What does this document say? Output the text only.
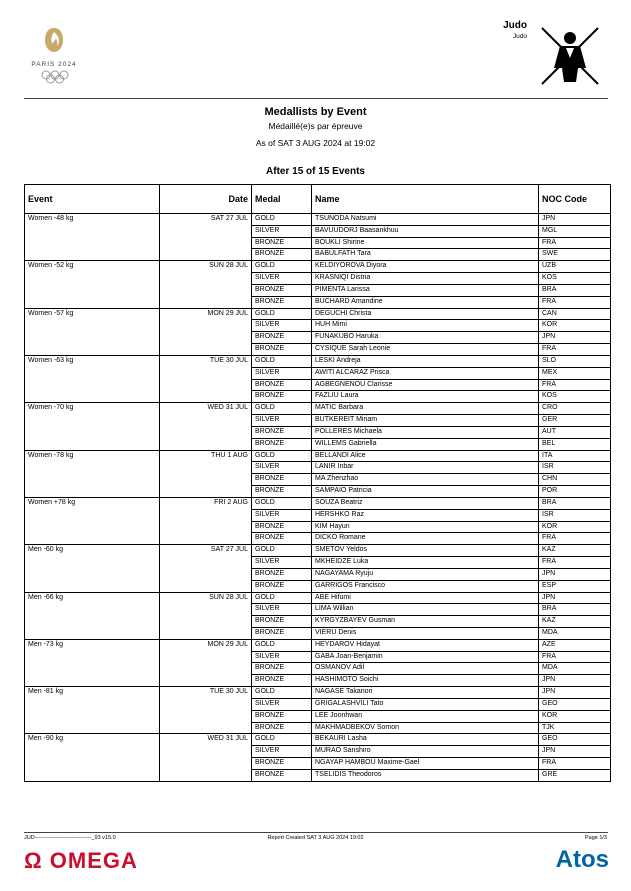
PARIS 2024
Judo
Judo
Medallists by Event
Médaillé(e)s par épreuve
As of SAT 3 AUG 2024 at 19:02
After 15 of 15 Events
Event	Date	Medal	Name	NOC Code
Women -48 kg	SAT 27 JUL	GOLD	TSUNODA Natsumi	JPN
		SILVER	BAVUUDORJ Baasankhuu	MGL
		BRONZE	BOUKLI Shirine	FRA
		BRONZE	BABULFATH Tara	SWE
Women -52 kg	SUN 28 JUL	GOLD	KELDIYOROVA Diyora	UZB
		SILVER	KRASNIQI Distria	KOS
		BRONZE	PIMENTA Larissa	BRA
		BRONZE	BUCHARD Amandine	FRA
Women -57 kg	MON 29 JUL	GOLD	DEGUCHI Christa	CAN
		SILVER	HUH Mimi	KOR
		BRONZE	FUNAKUBO Haruka	JPN
		BRONZE	CYSIQUE Sarah Leonie	FRA
Women -63 kg	TUE 30 JUL	GOLD	LESKI Andreja	SLO
		SILVER	AWITI ALCARAZ Prisca	MEX
		BRONZE	AGBEGNENOU Clarisse	FRA
		BRONZE	FAZLIU Laura	KOS
Women -70 kg	WED 31 JUL	GOLD	MATIC Barbara	CRO
		SILVER	BUTKEREIT Miriam	GER
		BRONZE	POLLERES Michaela	AUT
		BRONZE	WILLEMS Gabriella	BEL
Women -78 kg	THU 1 AUG	GOLD	BELLANDI Alice	ITA
		SILVER	LANIR Inbar	ISR
		BRONZE	MA Zhenzhao	CHN
		BRONZE	SAMPAIO Patricia	POR
Women +78 kg	FRI 2 AUG	GOLD	SOUZA Beatriz	BRA
		SILVER	HERSHKO Raz	ISR
		BRONZE	KIM Hayun	KOR
		BRONZE	DICKO Romane	FRA
Men -60 kg	SAT 27 JUL	GOLD	SMETOV Yeldos	KAZ
		SILVER	MKHEIDZE Luka	FRA
		BRONZE	NAGAYAMA Ryuju	JPN
		BRONZE	GARRIGOS Francisco	ESP
Men -66 kg	SUN 28 JUL	GOLD	ABE Hifumi	JPN
		SILVER	LIMA Willian	BRA
		BRONZE	KYRGYZBAYEV Gusman	KAZ
		BRONZE	VIERU Denis	MDA
Men -73 kg	MON 29 JUL	GOLD	HEYDAROV Hidayat	AZE
		SILVER	GABA Joan-Benjamin	FRA
		BRONZE	OSMANOV Adil	MDA
		BRONZE	HASHIMOTO Soichi	JPN
Men -81 kg	TUE 30 JUL	GOLD	NAGASE Takanori	JPN
		SILVER	GRIGALASHVILI Tato	GEO
		BRONZE	LEE Joonhwan	KOR
		BRONZE	MAKHMADBEKOV Somon	TJK
Men -90 kg	WED 31 JUL	GOLD	BEKAURI Lasha	GEO
		SILVER	MURAO Sanshiro	JPN
		BRONZE	NGAYAP HAMBOU Maxime-Gael	FRA
		BRONZE	TSELIDIS Theodoros	GRE
JUD-------------------------------_93 v15.0	Report Created SAT 3 AUG 2024 19:02	Page 1/3
Ω OMEGA	Atos
